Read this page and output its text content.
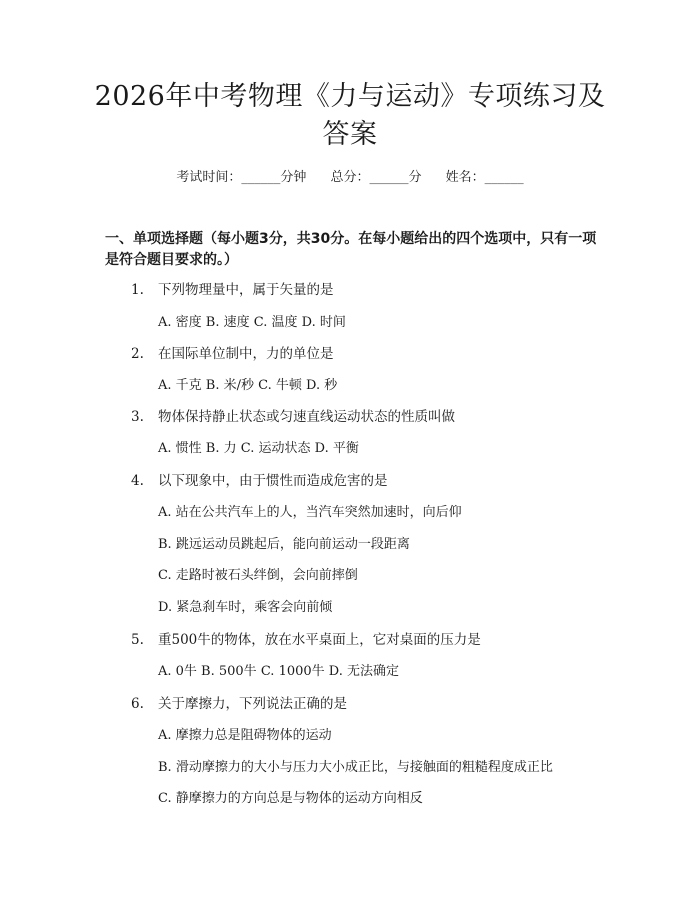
2026年中考物理《力与运动》专项练习及答案
考试时间：______分钟 总分：______分 姓名：______
一、单项选择题（每小题3分，共30分。在每小题给出的四个选项中，只有一项是符合题目要求的。）
1.	下列物理量中，属于矢量的是
A. 密度 B. 速度 C. 温度 D. 时间
2.	在国际单位制中，力的单位是
A. 千克 B. 米/秒 C. 牛顿 D. 秒
3.	物体保持静止状态或匀速直线运动状态的性质叫做
A. 惯性 B. 力 C. 运动状态 D. 平衡
4.	以下现象中，由于惯性而造成危害的是
A. 站在公共汽车上的人，当汽车突然加速时，向后仰
B. 跳远运动员跳起后，能向前运动一段距离
C. 走路时被石头绊倒，会向前摔倒
D. 紧急刹车时，乘客会向前倾
5.	重500牛的物体，放在水平桌面上，它对桌面的压力是
A. 0牛 B. 500牛 C. 1000牛 D. 无法确定
6.	关于摩擦力，下列说法正确的是
A. 摩擦力总是阻碍物体的运动
B. 滑动摩擦力的大小与压力大小成正比，与接触面的粗糙程度成正比
C. 静摩擦力的方向总是与物体的运动方向相反
